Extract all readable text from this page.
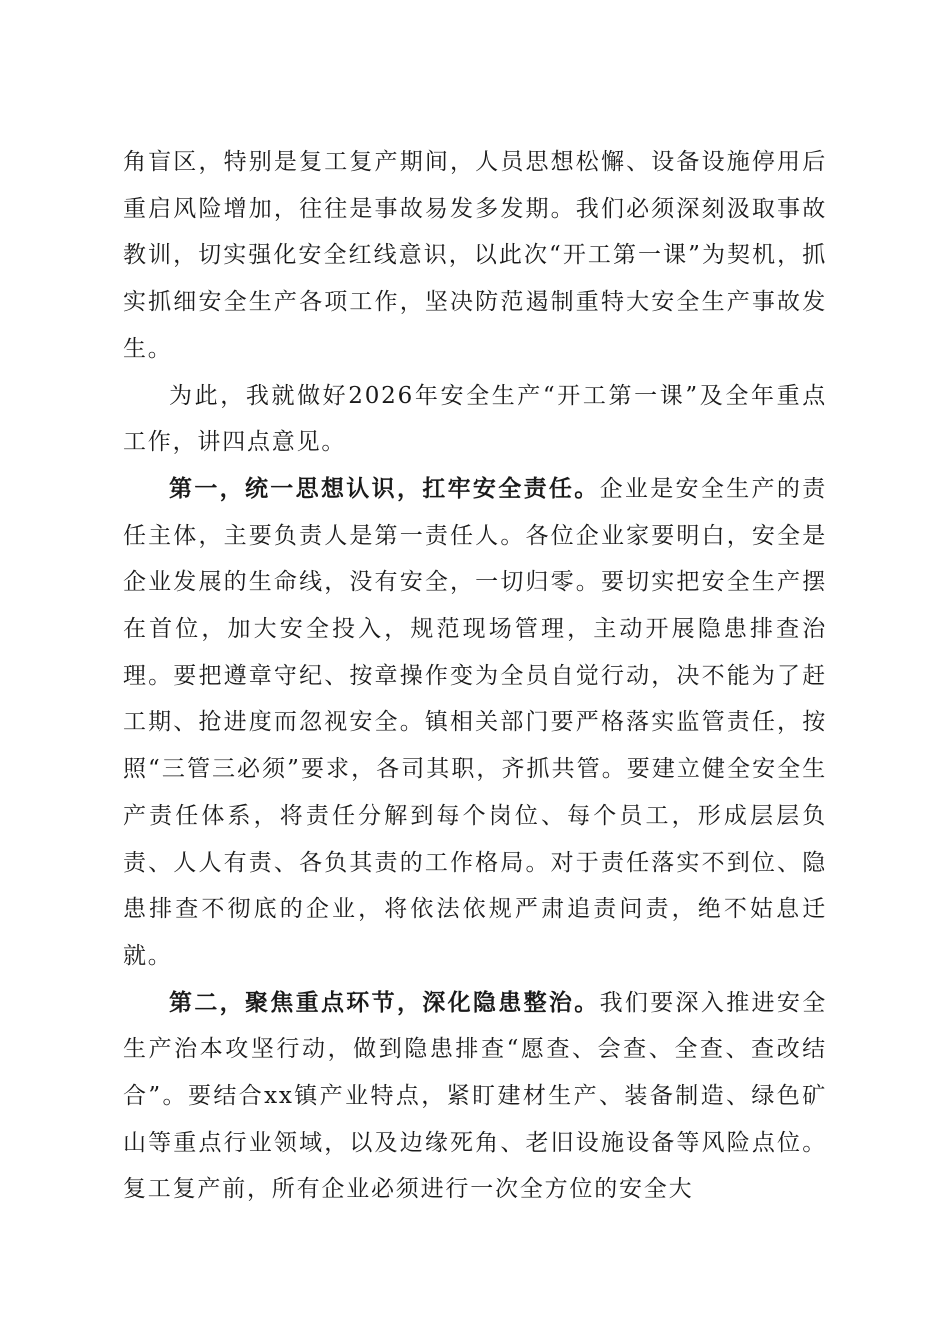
角盲区，特别是复工复产期间，人员思想松懈、设备设施停用后重启风险增加，往往是事故易发多发期。我们必须深刻汲取事故教训，切实强化安全红线意识，以此次“开工第一课”为契机，抓实抓细安全生产各项工作，坚决防范遏制重特大安全生产事故发生。

为此，我就做好2026年安全生产“开工第一课”及全年重点工作，讲四点意见。

第一，统一思想认识，扛牢安全责任。企业是安全生产的责任主体，主要负责人是第一责任人。各位企业家要明白，安全是企业发展的生命线，没有安全，一切归零。要切实把安全生产摆在首位，加大安全投入，规范现场管理，主动开展隐患排查治理。要把遵章守纪、按章操作变为全员自觉行动，决不能为了赶工期、抢进度而忽视安全。镇相关部门要严格落实监管责任，按照“三管三必须”要求，各司其职，齐抓共管。要建立健全安全生产责任体系，将责任分解到每个岗位、每个员工，形成层层负责、人人有责、各负其责的工作格局。对于责任落实不到位、隐患排查不彻底的企业，将依法依规严肃追责问责，绝不姑息迁就。

第二，聚焦重点环节，深化隐患整治。我们要深入推进安全生产治本攻坚行动，做到隐患排查“愿查、会查、全查、查改结合”。要结合xx镇产业特点，紧盯建材生产、装备制造、绿色矿山等重点行业领域，以及边缘死角、老旧设施设备等风险点位。复工复产前，所有企业必须进行一次全方位的安全大
